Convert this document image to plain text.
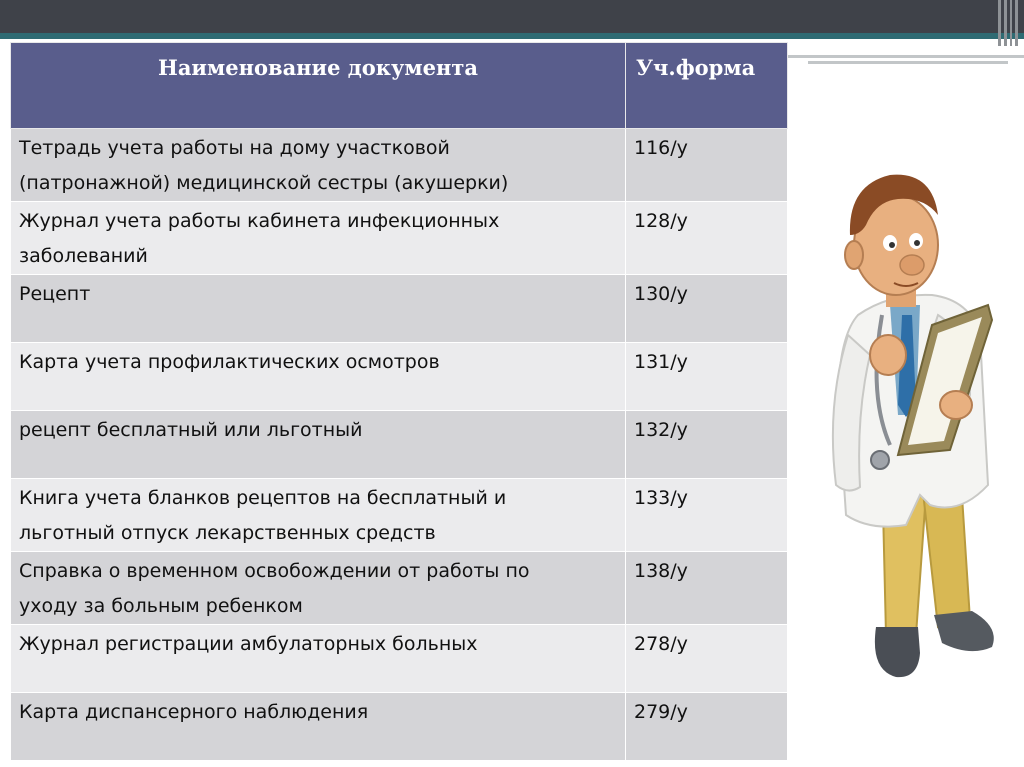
Наименование документа	Уч.форма

Тетрадь учета работы на дому участковой
(патронажной) медицинской сестры (акушерки)	116/у

Журнал учета работы кабинета инфекционных
заболеваний	128/у

Рецепт	130/у

Карта учета профилактических осмотров	131/у

рецепт бесплатный или льготный	132/у

Книга учета бланков рецептов на бесплатный и
льготный отпуск лекарственных средств	133/у

Справка о временном освобождении от работы по
уходу за больным ребенком	138/у

Журнал регистрации амбулаторных больных	278/у

Карта диспансерного наблюдения	279/у
